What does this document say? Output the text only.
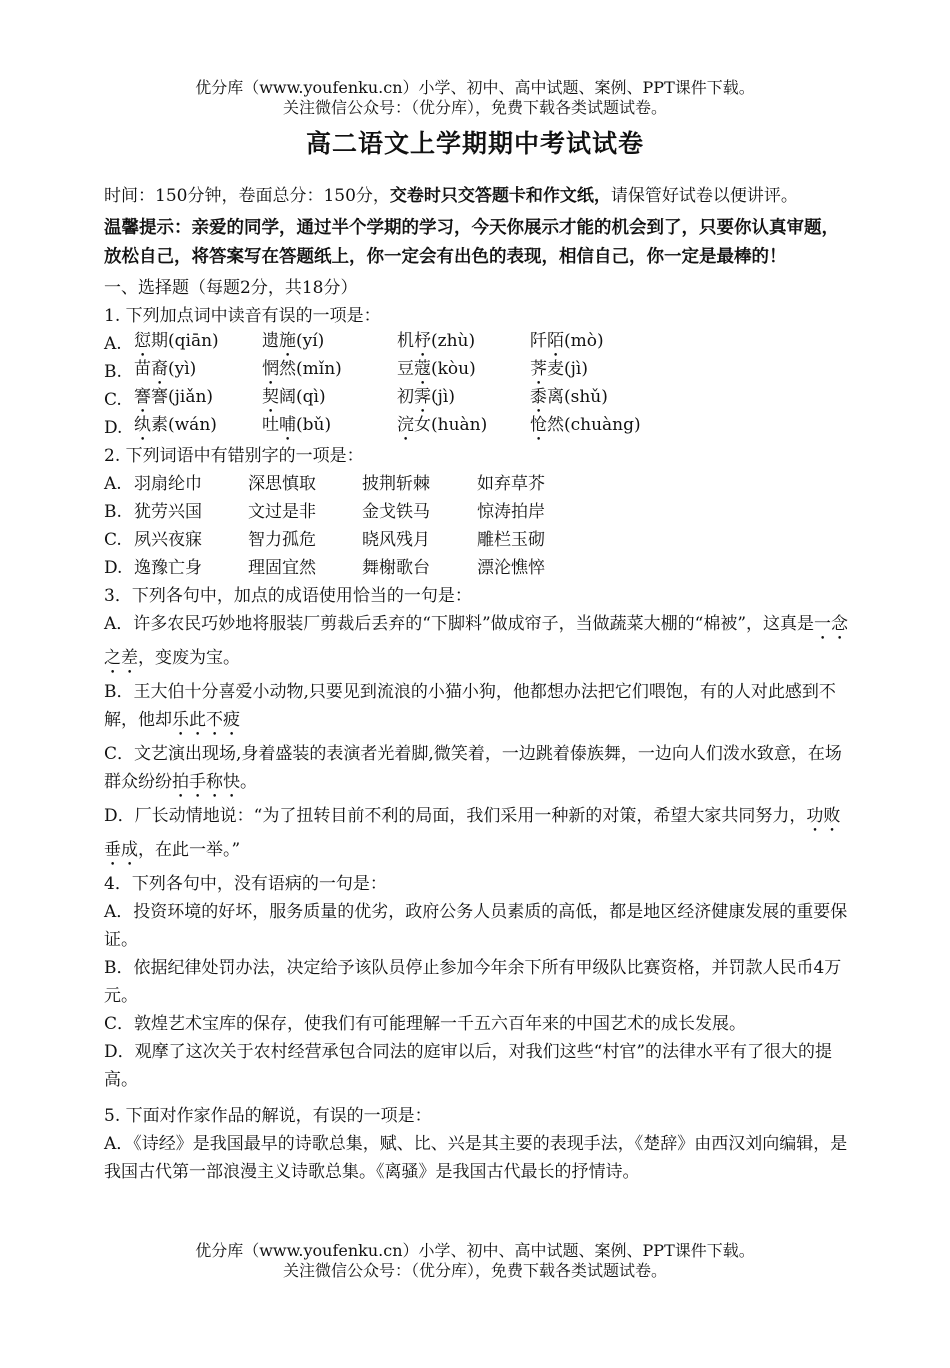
优分库（www.youfenku.cn）小学、初中、高中试题、案例、PPT课件下载。
关注微信公众号：（优分库），免费下载各类试题试卷。
高二语文上学期期中考试试卷

时间：150分钟，卷面总分：150分，交卷时只交答题卡和作文纸，请保管好试卷以便讲评。

温馨提示：亲爱的同学，通过半个学期的学习，今天你展示才能的机会到了，只要你认真审题，放松自己，将答案写在答题纸上，你一定会有出色的表现，相信自己，你一定是最棒的！

一、选择题（每题2分，共18分）

1. 下列加点词中读音有误的一项是：

A. 愆期(qiān)	遗施(yí)	机杼(zhù)	阡陌(mò)
B. 苗裔(yì)	惘然(mǐn)	豆蔻(kòu)	荠麦(jì)
C. 謇謇(jiǎn)	契阔(qì)	初霁(jì)	黍离(shǔ)
D. 纨素(wán)	吐哺(bǔ)	浣女(huàn)	怆然(chuàng)

2. 下列词语中有错别字的一项是：

A. 羽扇纶巾	深思慎取	披荆斩棘	如弃草芥
B. 犹劳兴国	文过是非	金戈铁马	惊涛拍岸
C. 夙兴夜寐	智力孤危	晓风残月	雕栏玉砌
D. 逸豫亡身	理固宜然	舞榭歌台	漂沦憔悴

3．下列各句中，加点的成语使用恰当的一句是：

A．许多农民巧妙地将服装厂剪裁后丢弃的“下脚料”做成帘子，当做蔬菜大棚的“棉被”，这真是一念之差，变废为宝。

B．王大伯十分喜爱小动物,只要见到流浪的小猫小狗，他都想办法把它们喂饱，有的人对此感到不解，他却乐此不疲

C．文艺演出现场,身着盛装的表演者光着脚,微笑着，一边跳着傣族舞，一边向人们泼水致意，在场群众纷纷拍手称快。

D．厂长动情地说：“为了扭转目前不利的局面，我们采用一种新的对策，希望大家共同努力，功败垂成，在此一举。”

4．下列各句中，没有语病的一句是：

A．投资环境的好坏，服务质量的优劣，政府公务人员素质的高低，都是地区经济健康发展的重要保证。

B．依据纪律处罚办法，决定给予该队员停止参加今年余下所有甲级队比赛资格，并罚款人民币4万元。

C．敦煌艺术宝库的保存，使我们有可能理解一千五六百年来的中国艺术的成长发展。

D．观摩了这次关于农村经营承包合同法的庭审以后，对我们这些“村官”的法律水平有了很大的提高。

5. 下面对作家作品的解说，有误的一项是：

A．《诗经》是我国最早的诗歌总集，赋、比、兴是其主要的表现手法，《楚辞》由西汉刘向编辑，是我国古代第一部浪漫主义诗歌总集。《离骚》是我国古代最长的抒情诗。

优分库（www.youfenku.cn）小学、初中、高中试题、案例、PPT课件下载。
关注微信公众号：（优分库），免费下载各类试题试卷。
